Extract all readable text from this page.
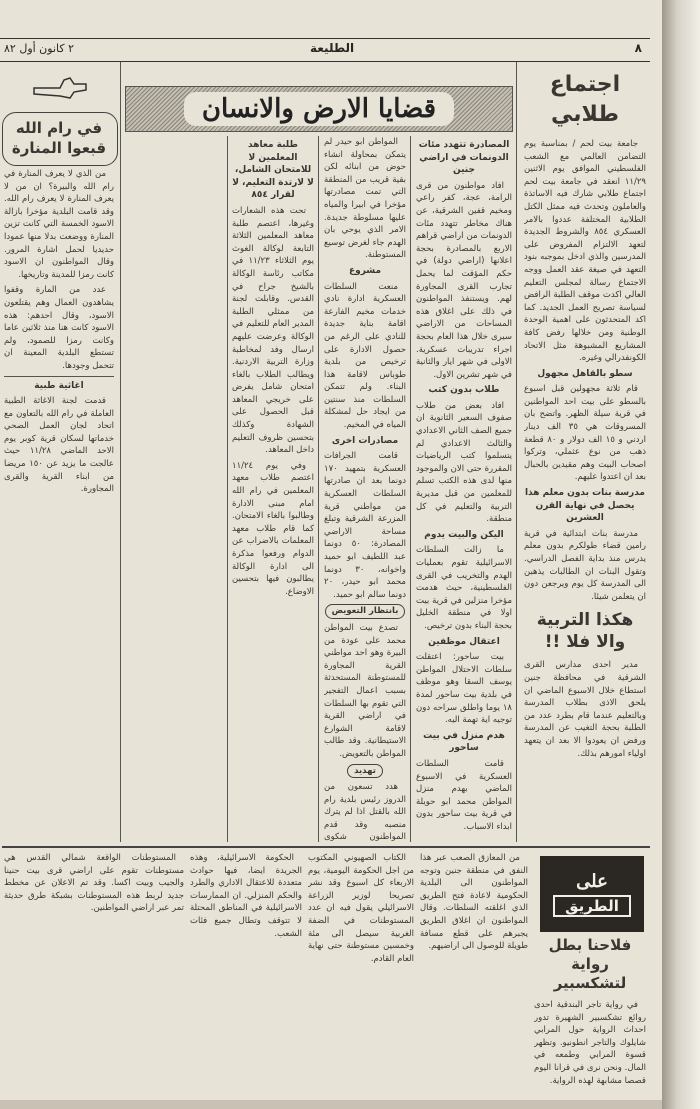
٨
الطليعة
٢ كانون أول ٨٢
قضايا الارض والانسان
اجتماع طلابي

جامعة بيت لحم / بمناسبة يوم التضامن العالمي مع الشعب الفلسطيني الموافق يوم الاثنين ١١/٢٩ انعقد في جامعة بيت لحم اجتماع طلابي شارك فيه الاساتذة والعاملون وتحدث فيه ممثل الكتل الطلابية المختلفة عددوا بالامر العسكري ٨٥٤ والشروط الجديدة لتعهد الالتزام المفروض على المدرسين والذي ادخل بموجبه بنود التعهد في صيغة عقد العمل ووجه الاجتماع رسالة لمجلس التعليم العالي اكدت موقف الطلبة الرافض لسياسة تصريح العمل الجديد. كما اكد المتحدثون على اهمية الوحدة الوطنية ومن خلالها رفض كافة المشاريع المشبوهة مثل الاتحاد الكونفدرالي وغيره.

سطو بالقاهل مجهول

قام ثلاثة مجهولين قبل اسبوع بالسطو على بيت احد المواطنين في قرية سيلة الظهر. واتضح بان المسروقات هي ٣٥ الف دينار اردني و ١٥ الف دولار و ٨٠ قطعة ذهب من نوع عثملي، وتركوا اصحاب البيت وهم مقيدين بالحبال بعد ان اعتدوا عليهم.

مدرسة بنات بدون معلم هذا يحصل في نهاية القرن العشرين

مدرسة بنات ابتدائية في قرية رامين قضاء طولكرم بدون معلم يدرس منذ بداية الفصل الدراسي. وتقول البنات ان الطالبات يذهبن الى المدرسة كل يوم ويرجعن دون ان يتعلمن شيئا.

هكذا التربية والا فلا !!

مدير احدى مدارس القرى الشرقية في محافظة جنين استطاع خلال الاسبوع الماضي ان يلحق الاذى بطلاب المدرسة وبالتعليم عندما قام بطرد عدد من الطلبة بحجة التغيب عن المدرسة ورفض ان يعودوا الا بعد ان يتعهد اولياء امورهم بذلك.

المصادرة تتهدد مئات الدونمات في اراضي جنين

افاد مواطنون من قرى الرامة، عجة، كفر راعي ومخيم قفين الشرقية، عن هناك مخاطر تتهدد مئات الدونمات من اراضي قراهم الاربع بالمصادرة بحجة اعلانها (اراضي دولة) في حكم المؤقت لما يحمل تجارب القرى المجاورة لهم. ويستنفذ المواطنون في ذلك على اغلاق هذه المساحات من الاراضي سيرى خلال هذا العام بحجة اجراء تدريبات عسكرية. الاولى في شهر ايار والثانية في شهر تشرين الاول.

طلاب بدون كتب

افاد بعض من طلاب صفوف السعير الثانوية ان جميع الصف الثاني الاعدادي والثالث الاعدادي لم يتسلموا كتب الرياضيات المقررة حتى الان والموجود منها لدى هذه الكتب تسلم للمعلمين من قبل مديرية التربية والتعليم في كل منطقة.

اليكن والبيت يدوم

ما زالت السلطات الاسرائيلية تقوم بعمليات الهدم والتخريب في القرى الفلسطينية، حيث هدمت مؤخرا منزلين في قرية بيت اولا في منطقة الخليل بحجة البناء بدون ترخيص.

اعتقال موظفين

بيت ساحور: اعتقلت سلطات الاحتلال المواطن يوسف السقا وهو موظف في بلدية بيت ساحور لمدة ١٨ يوما واطلق سراحه دون توجيه اية تهمة اليه.

هدم منزل في بيت ساحور

قامت السلطات العسكرية في الاسبوع الماضي بهدم منزل المواطن محمد ابو حويلة في قرية بيت ساحور بدون ابداء الاسباب.

المواطن ابو حيدر لم يتمكن بمحاولة انشاء حوض من ابنائه لكن بقية قريب من المنطقة التي تمت مصادرتها مؤخرا في ابيرا والمياه عليها مسلوطة جديدة. الامر الذي يوحي بان الهدم جاء لغرض توسيع المستوطنة.

مشروع

منعت السلطات العسكرية ادارة نادي خدمات مخيم الفارعة اقامة بناية جديدة للنادي على الرغم من حصول الادارة على ترخيص من بلدية طوباس لاقامة هذا البناء. ولم تتمكن السلطات منذ سنتين من ايجاد حل لمشكلة المياه في المخيم.

مصادرات اخرى

قامت الجرافات العسكرية بتمهيد ١٧٠ دونما بعد ان صادرتها السلطات العسكرية من مواطني قرية المزرعة الشرقية وتبلغ مساحة الاراضي المصادرة: ٥٠ دونما عبد اللطيف ابو حميد واخوانه، ٣٠ دونما محمد ابو حيدر، ٢٠ دونما سالم ابو حميد.

بانتظار التعويض

تصدع بيت المواطن محمد على عودة من البيرة وهو احد مواطني القرية المجاورة للمستوطنة المستحدثة بسبب اعمال التفجير التي تقوم بها السلطات في اراضي القرية لاقامة الشوارع الاستيطانية. وقد طالب المواطن بالتعويض.

تهديد

هدد تسعون من الدروز رئيس بلدية رام الله بالقتل اذا لم يترك منصبه وقد قدم المواطنون شكوى

طلبة معاهد المعلمين لا للامتحان الشامل، لا لارتدة التعليم، لا لقرار ٨٥٤

تحت هذه الشعارات وغيرها، اعتصم طلبة معاهد المعلمين الثلاثة التابعة لوكالة الغوث يوم الثلاثاء ١١/٢٣ في مكاتب رئاسة الوكالة بالشيخ جراح في القدس. وقابلت لجنة من ممثلي الطلبة المدير العام للتعليم في الوكالة وعرضت عليهم ارسال وفد لمخاطبة وزارة التربية الاردنية. ويطالب الطلاب بالغاء امتحان شامل يفرض على خريجي المعاهد قبل الحصول على الشهادة وكذلك بتحسين ظروف التعليم داخل المعاهد.

وفي يوم ١١/٢٤ اعتصم طلاب معهد المعلمين في رام الله امام مبنى الادارة وطالبوا بالغاء الامتحان. كما قام طلاب معهد المعلمات بالاضراب عن الدوام ورفعوا مذكرة الى ادارة الوكالة يطالبون فيها بتحسين الاوضاع.

في رام الله قبعوا المنارة

من الذي لا يعرف المنارة في رام الله والبيرة؟ ان من لا يعرف المنارة لا يعرف رام الله. وقد قامت البلدية مؤخرا بازالة الاسود الخمسة التي كانت تزين المنارة ووضعت بدلا منها عمودا حديديا لحمل اشارة المرور. وقال المواطنون ان الاسود كانت رمزا للمدينة وتاريخها.

عدد من المارة وقفوا يشاهدون العمال وهم يقتلعون الاسود، وقال احدهم: هذه الاسود كانت هنا منذ ثلاثين عاما وكانت رمزا للصمود، ولم تستطع البلدية المعينة ان تتحمل وجودها.

اغاثية طبية

قدمت لجنة الاغاثة الطبية العاملة في رام الله بالتعاون مع اتحاد لجان العمل الصحي خدماتها لسكان قرية كوبر يوم الاحد الماضي ١١/٢٨ حيث عالجت ما يزيد عن ١٥٠ مريضا من ابناء القرية والقرى المجاورة.

من المعازق الصعب عبر هذا النفق في منطقة جنين وتوجه المواطنون الى البلدية الحكومية لاعادة فتح الطريق الذي اغلقته السلطات. وقال المواطنون ان اغلاق الطريق يجبرهم على قطع مسافة طويلة للوصول الى اراضيهم.

الكتاب الصهيوني المكتوب من اجل الحكومة اليومية، يوم الاربعاء كل اسبوع وقد نشر تصريحا لوزير الزراعة الاسرائيلي يقول فيه ان عدد المستوطنات في الضفة الغربية سيصل الى مئة وخمسين مستوطنة حتى نهاية العام القادم.

الحكومة الاسرائيلية، وهذه الجريدة ايضا، فيها حوادث متعددة للاعتقال الاداري والطرد والحكم المنزلي. ان الممارسات الاسرائيلية في المناطق المحتلة لا تتوقف وتطال جميع فئات الشعب.

المستوطنات الواقعة شمالي القدس هي مستوطنات تقوم على اراضي قرى بيت حنينا والجيب وبيت اكسا. وقد تم الاعلان عن مخطط جديد لربط هذه المستوطنات بشبكة طرق حديثة تمر عبر اراضي المواطنين.

على
الطريق
فلاحنا بطل رواية لتشكسبير

في رواية تاجر البندقية احدى روائع تشكسبير الشهيرة تدور احداث الرواية حول المرابي شايلوك والتاجر انطونيو. وتظهر قسوة المرابي وطمعه في المال. ونحن نرى في قرانا اليوم قصصا مشابهة لهذه الرواية.
